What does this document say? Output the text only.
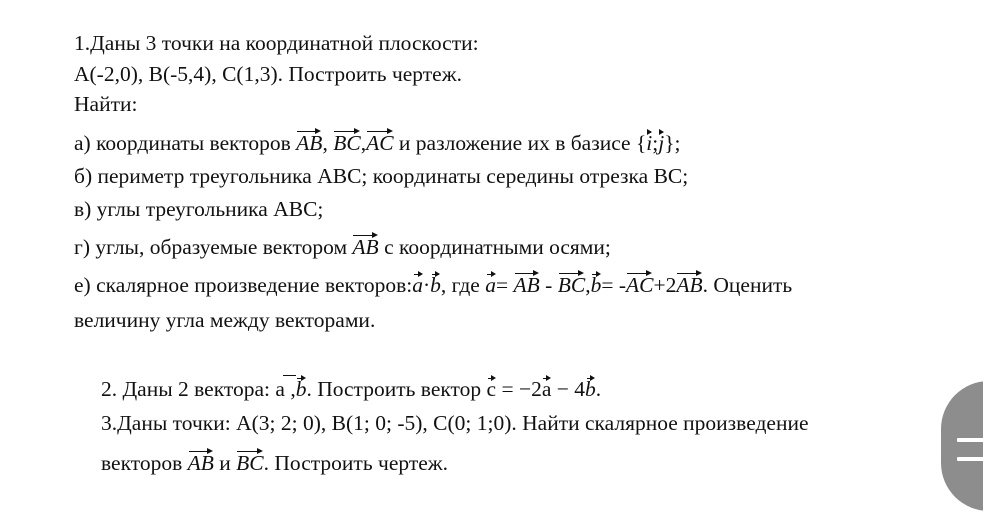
1.Даны 3 точки на координатной плоскости:
A(-2,0), B(-5,4), C(1,3). Построить чертеж.
Найти:
а) координаты векторов AB, BC,AC и разложение их в базисе {i;j};
б) периметр треугольника ABC; координаты середины отрезка BC;
в) углы треугольника ABC;
г) углы, образуемые вектором AB с координатными осями;
е) скалярное произведение векторов:a·b, где a= AB - BC,b= -AC+2AB. Оценить
величину угла между векторами.
2. Даны 2 вектора: a ,b. Построить вектор c = −2a − 4b.
3.Даны точки: A(3; 2; 0), B(1; 0; -5), C(0; 1;0). Найти скалярное произведение
векторов AB и BC. Построить чертеж.
